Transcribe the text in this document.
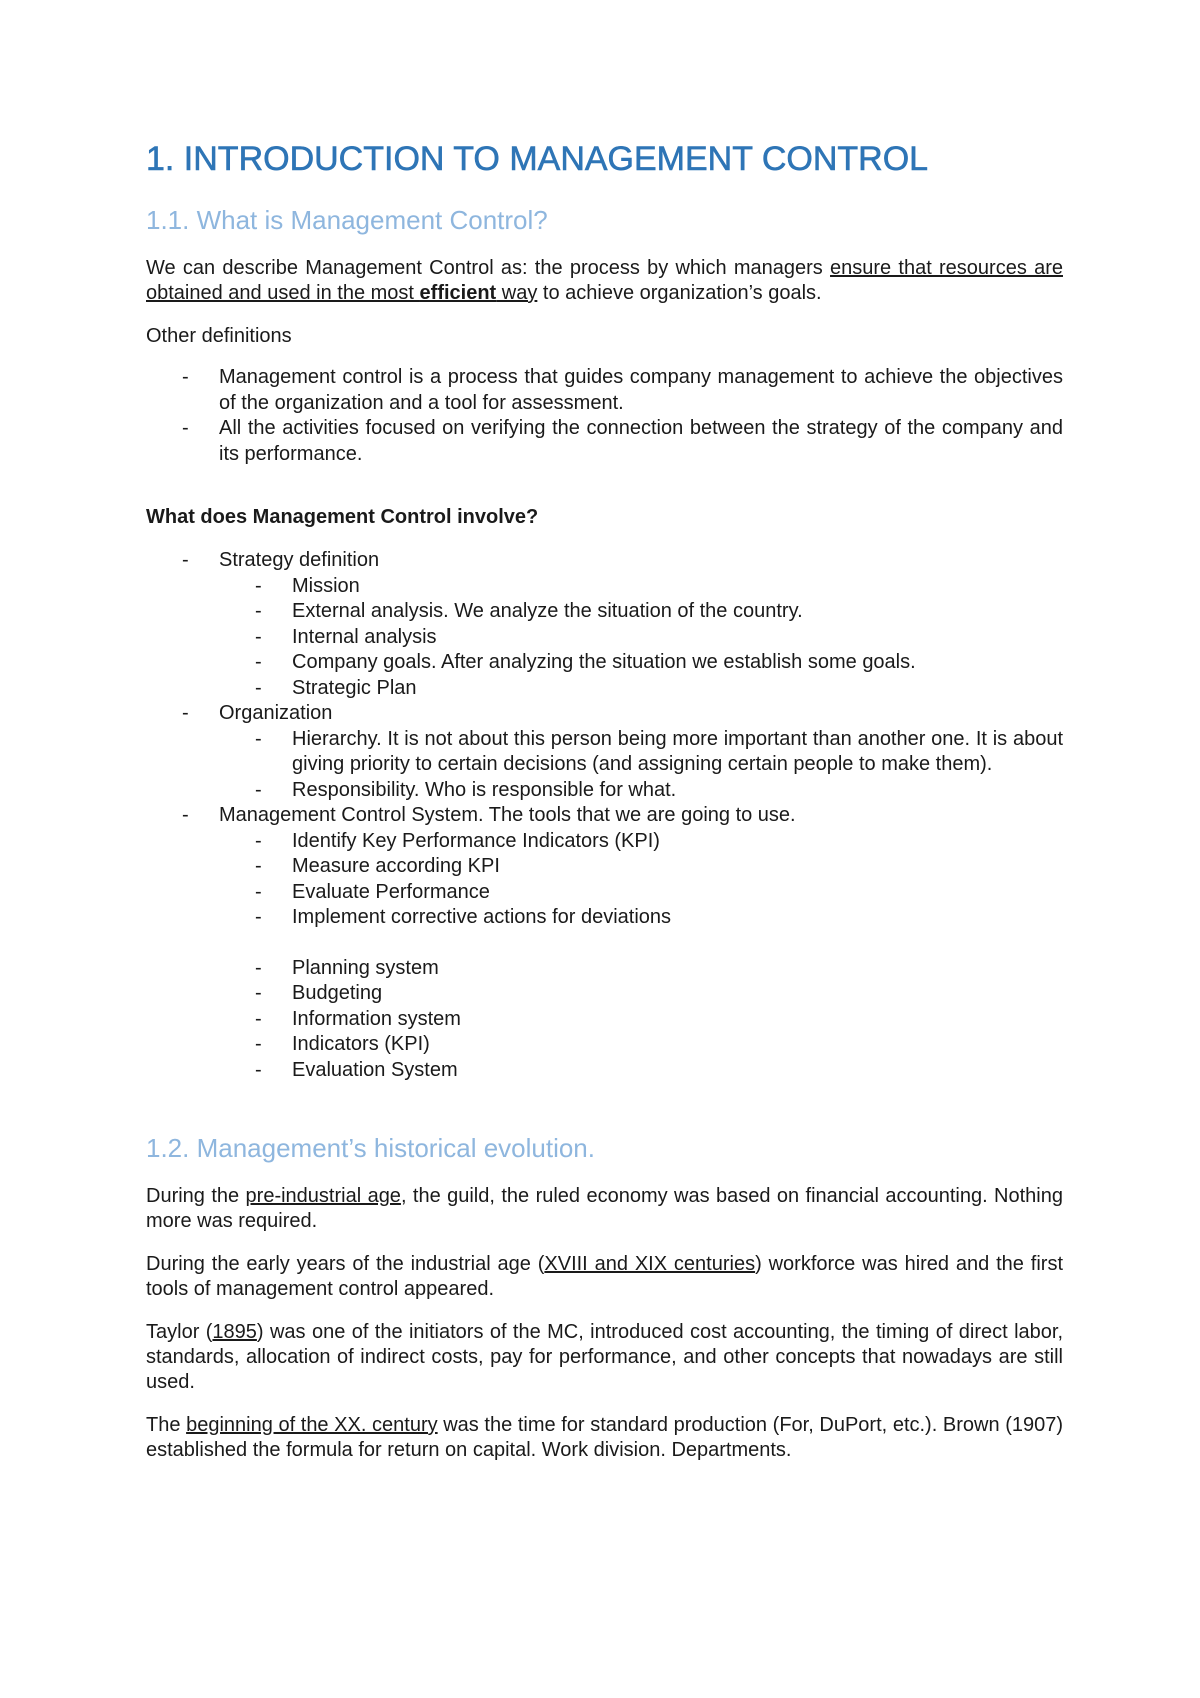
1. INTRODUCTION TO MANAGEMENT CONTROL
1.1. What is Management Control?

We can describe Management Control as: the process by which managers ensure that resources are obtained and used in the most efficient way to achieve organization’s goals.

Other definitions

- Management control is a process that guides company management to achieve the objectives of the organization and a tool for assessment.
- All the activities focused on verifying the connection between the strategy of the company and its performance.

What does Management Control involve?

- Strategy definition
- Mission
- External analysis. We analyze the situation of the country.
- Internal analysis
- Company goals. After analyzing the situation we establish some goals.
- Strategic Plan
- Organization
- Hierarchy. It is not about this person being more important than another one. It is about giving priority to certain decisions (and assigning certain people to make them).
- Responsibility. Who is responsible for what.
- Management Control System. The tools that we are going to use.
- Identify Key Performance Indicators (KPI)
- Measure according KPI
- Evaluate Performance
- Implement corrective actions for deviations
- Planning system
- Budgeting
- Information system
- Indicators (KPI)
- Evaluation System
1.2. Management’s historical evolution.

During the pre-industrial age, the guild, the ruled economy was based on financial accounting. Nothing more was required.

During the early years of the industrial age (XVIII and XIX centuries) workforce was hired and the first tools of management control appeared.

Taylor (1895) was one of the initiators of the MC, introduced cost accounting, the timing of direct labor, standards, allocation of indirect costs, pay for performance, and other concepts that nowadays are still used.

The beginning of the XX. century was the time for standard production (For, DuPort, etc.). Brown (1907) established the formula for return on capital. Work division. Departments.
